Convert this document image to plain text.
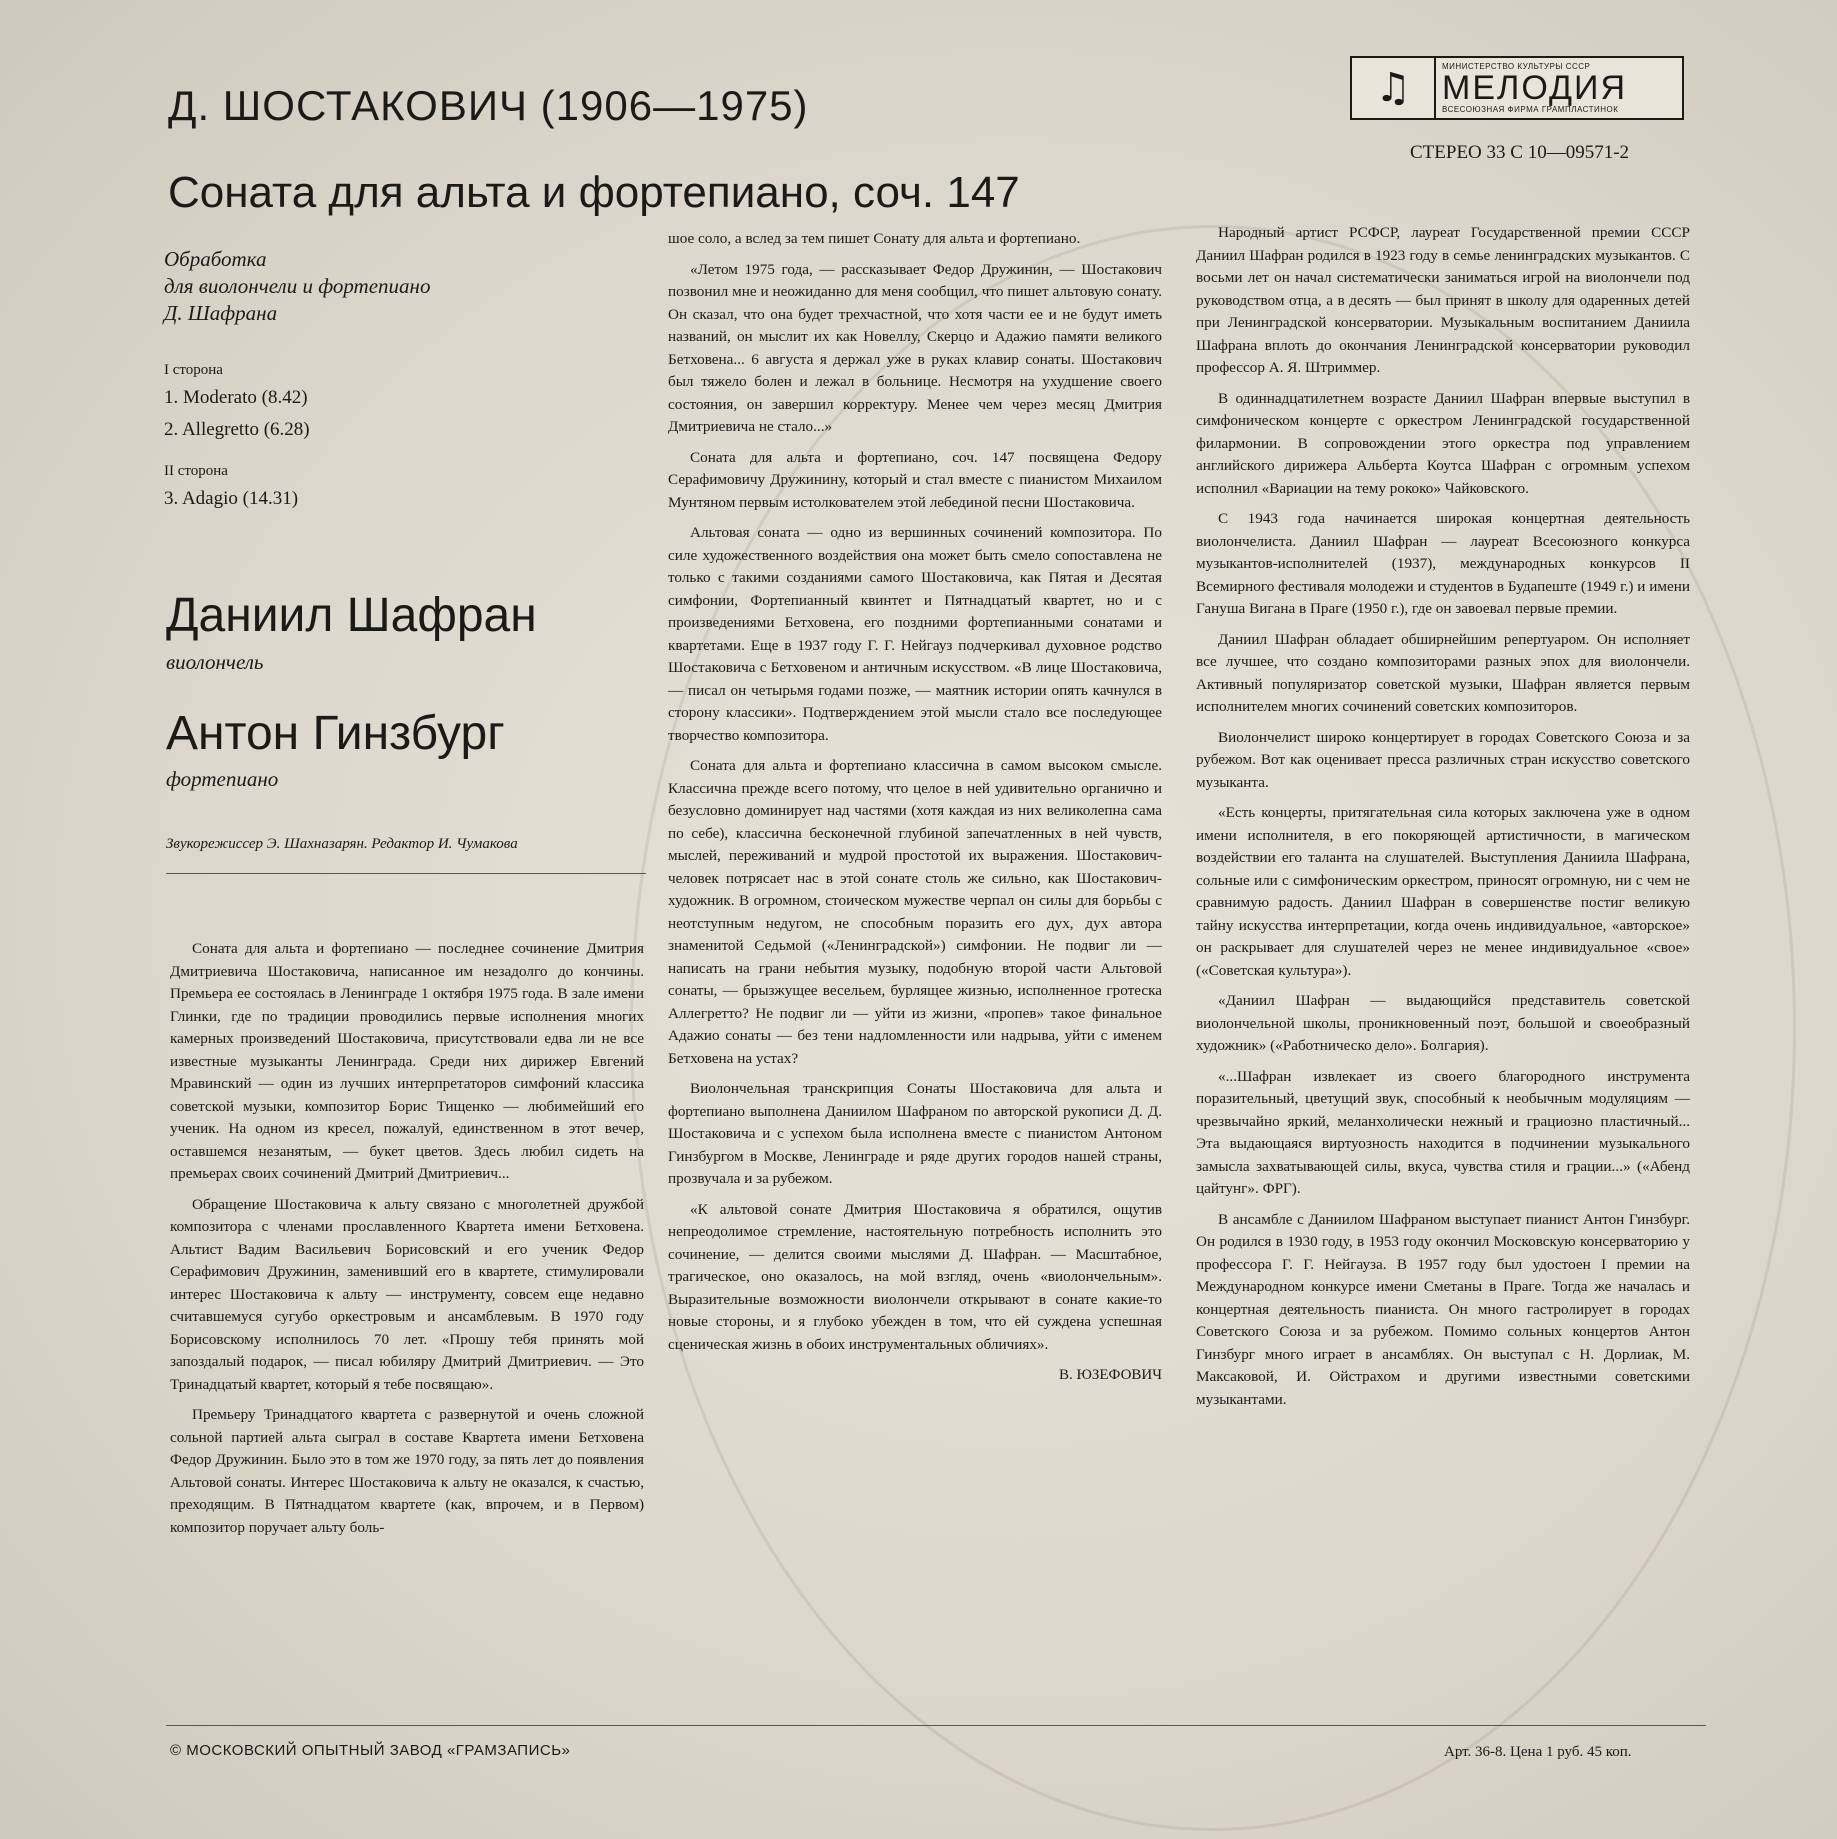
Д. ШОСТАКОВИЧ (1906—1975)
Соната для альта и фортепиано, соч. 147
♫	МИНИСТЕРСТВО КУЛЬТУРЫ СССР
МЕЛОДИЯ
ВСЕСОЮЗНАЯ ФИРМА ГРАМПЛАСТИНОК
СТЕРЕО 33 С 10—09571-2
Обработка
для виолончели и фортепиано
Д. Шафрана
I сторона
1. Moderato (8.42)
2. Allegretto (6.28)
II сторона
3. Adagio (14.31)
Даниил Шафран
виолончель
Антон Гинзбург
фортепиано
Звукорежиссер Э. Шахназарян. Редактор И. Чумакова

Соната для альта и фортепиано — последнее сочинение Дмитрия Дмитриевича Шостаковича, написанное им незадолго до кончины. Премьера ее состоялась в Ленинграде 1 октября 1975 года. В зале имени Глинки, где по традиции проводились первые исполнения многих камерных произведений Шостаковича, присутствовали едва ли не все известные музыканты Ленинграда. Среди них дирижер Евгений Мравинский — один из лучших интерпретаторов симфоний классика советской музыки, композитор Борис Тищенко — любимейший его ученик. На одном из кресел, пожалуй, единственном в этот вечер, оставшемся незанятым, — букет цветов. Здесь любил сидеть на премьерах своих сочинений Дмитрий Дмитриевич...

Обращение Шостаковича к альту связано с многолетней дружбой композитора с членами прославленного Квартета имени Бетховена. Альтист Вадим Васильевич Борисовский и его ученик Федор Серафимович Дружинин, заменивший его в квартете, стимулировали интерес Шостаковича к альту — инструменту, совсем еще недавно считавшемуся сугубо оркестровым и ансамблевым. В 1970 году Борисовскому исполнилось 70 лет. «Прошу тебя принять мой запоздалый подарок, — писал юбиляру Дмитрий Дмитриевич. — Это Тринадцатый квартет, который я тебе посвящаю».

Премьеру Тринадцатого квартета с развернутой и очень сложной сольной партией альта сыграл в составе Квартета имени Бетховена Федор Дружинин. Было это в том же 1970 году, за пять лет до появления Альтовой сонаты. Интерес Шостаковича к альту не оказался, к счастью, преходящим. В Пятнадцатом квартете (как, впрочем, и в Первом) композитор поручает альту боль-

шое соло, а вслед за тем пишет Сонату для альта и фортепиано.

«Летом 1975 года, — рассказывает Федор Дружинин, — Шостакович позвонил мне и неожиданно для меня сообщил, что пишет альтовую сонату. Он сказал, что она будет трехчастной, что хотя части ее и не будут иметь названий, он мыслит их как Новеллу, Скерцо и Адажио памяти великого Бетховена... 6 августа я держал уже в руках клавир сонаты. Шостакович был тяжело болен и лежал в больнице. Несмотря на ухудшение своего состояния, он завершил корректуру. Менее чем через месяц Дмитрия Дмитриевича не стало...»

Соната для альта и фортепиано, соч. 147 посвящена Федору Серафимовичу Дружинину, который и стал вместе с пианистом Михаилом Мунтяном первым истолкователем этой лебединой песни Шостаковича.

Альтовая соната — одно из вершинных сочинений композитора. По силе художественного воздействия она может быть смело сопоставлена не только с такими созданиями самого Шостаковича, как Пятая и Десятая симфонии, Фортепианный квинтет и Пятнадцатый квартет, но и с произведениями Бетховена, его поздними фортепианными сонатами и квартетами. Еще в 1937 году Г. Г. Нейгауз подчеркивал духовное родство Шостаковича с Бетховеном и античным искусством. «В лице Шостаковича, — писал он четырьмя годами позже, — маятник истории опять качнулся в сторону классики». Подтверждением этой мысли стало все последующее творчество композитора.

Соната для альта и фортепиано классична в самом высоком смысле. Классична прежде всего потому, что целое в ней удивительно органично и безусловно доминирует над частями (хотя каждая из них великолепна сама по себе), классична бесконечной глубиной запечатленных в ней чувств, мыслей, переживаний и мудрой простотой их выражения. Шостакович-человек потрясает нас в этой сонате столь же сильно, как Шостакович-художник. В огромном, стоическом мужестве черпал он силы для борьбы с неотступным недугом, не способным поразить его дух, дух автора знаменитой Седьмой («Ленинградской») симфонии. Не подвиг ли — написать на грани небытия музыку, подобную второй части Альтовой сонаты, — брызжущее весельем, бурлящее жизнью, исполненное гротеска Аллегретто? Не подвиг ли — уйти из жизни, «пропев» такое финальное Адажио сонаты — без тени надломленности или надрыва, уйти с именем Бетховена на устах?

Виолончельная транскрипция Сонаты Шостаковича для альта и фортепиано выполнена Даниилом Шафраном по авторской рукописи Д. Д. Шостаковича и с успехом была исполнена вместе с пианистом Антоном Гинзбургом в Москве, Ленинграде и ряде других городов нашей страны, прозвучала и за рубежом.

«К альтовой сонате Дмитрия Шостаковича я обратился, ощутив непреодолимое стремление, настоятельную потребность исполнить это сочинение, — делится своими мыслями Д. Шафран. — Масштабное, трагическое, оно оказалось, на мой взгляд, очень «виолончельным». Выразительные возможности виолончели открывают в сонате какие-то новые стороны, и я глубоко убежден в том, что ей суждена успешная сценическая жизнь в обоих инструментальных обличиях».

В. ЮЗЕФОВИЧ

Народный артист РСФСР, лауреат Государственной премии СССР Даниил Шафран родился в 1923 году в семье ленинградских музыкантов. С восьми лет он начал систематически заниматься игрой на виолончели под руководством отца, а в десять — был принят в школу для одаренных детей при Ленинградской консерватории. Музыкальным воспитанием Даниила Шафрана вплоть до окончания Ленинградской консерватории руководил профессор А. Я. Штриммер.

В одиннадцатилетнем возрасте Даниил Шафран впервые выступил в симфоническом концерте с оркестром Ленинградской государственной филармонии. В сопровождении этого оркестра под управлением английского дирижера Альберта Коутса Шафран с огромным успехом исполнил «Вариации на тему рококо» Чайковского.

С 1943 года начинается широкая концертная деятельность виолончелиста. Даниил Шафран — лауреат Всесоюзного конкурса музыкантов-исполнителей (1937), международных конкурсов II Всемирного фестиваля молодежи и студентов в Будапеште (1949 г.) и имени Гануша Вигана в Праге (1950 г.), где он завоевал первые премии.

Даниил Шафран обладает обширнейшим репертуаром. Он исполняет все лучшее, что создано композиторами разных эпох для виолончели. Активный популяризатор советской музыки, Шафран является первым исполнителем многих сочинений советских композиторов.

Виолончелист широко концертирует в городах Советского Союза и за рубежом. Вот как оценивает пресса различных стран искусство советского музыканта.

«Есть концерты, притягательная сила которых заключена уже в одном имени исполнителя, в его покоряющей артистичности, в магическом воздействии его таланта на слушателей. Выступления Даниила Шафрана, сольные или с симфоническим оркестром, приносят огромную, ни с чем не сравнимую радость. Даниил Шафран в совершенстве постиг великую тайну искусства интерпретации, когда очень индивидуальное, «авторское» он раскрывает для слушателей через не менее индивидуальное «свое» («Советская культура»).

«Даниил Шафран — выдающийся представитель советской виолончельной школы, проникновенный поэт, большой и своеобразный художник» («Работническо дело». Болгария).

«...Шафран извлекает из своего благородного инструмента поразительный, цветущий звук, способный к необычным модуляциям — чрезвычайно яркий, меланхолически нежный и грациозно пластичный... Эта выдающаяся виртуозность находится в подчинении музыкального замысла захватывающей силы, вкуса, чувства стиля и грации...» («Абенд цайтунг». ФРГ).

В ансамбле с Даниилом Шафраном выступает пианист Антон Гинзбург. Он родился в 1930 году, в 1953 году окончил Московскую консерваторию у профессора Г. Г. Нейгауза. В 1957 году был удостоен I премии на Международном конкурсе имени Сметаны в Праге. Тогда же началась и концертная деятельность пианиста. Он много гастролирует в городах Советского Союза и за рубежом. Помимо сольных концертов Антон Гинзбург много играет в ансамблях. Он выступал с Н. Дорлиак, М. Максаковой, И. Ойстрахом и другими известными советскими музыкантами.

© МОСКОВСКИЙ ОПЫТНЫЙ ЗАВОД «ГРАМЗАПИСЬ»	Арт. 36-8. Цена 1 руб. 45 коп.
